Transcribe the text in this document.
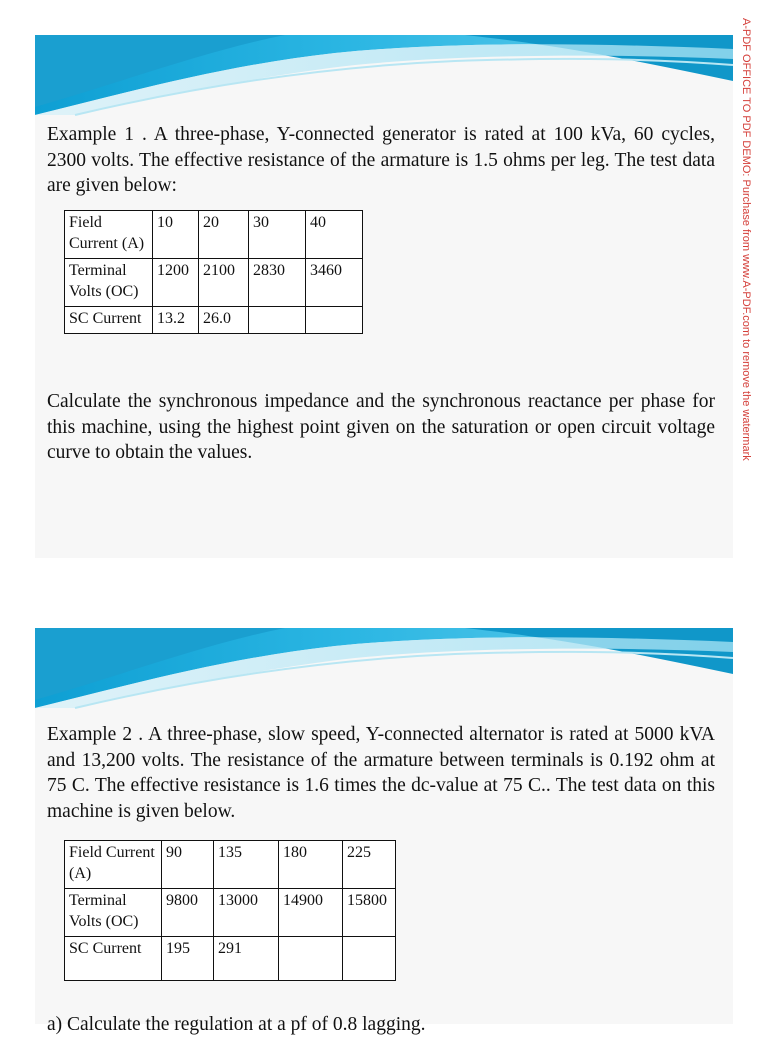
A-PDF OFFICE TO PDF DEMO: Purchase from www.A-PDF.com to remove the watermark

Example 1 . A three-phase, Y-connected generator is rated at 100 kVa, 60 cycles, 2300 volts. The effective resistance of the armature is 1.5 ohms per leg. The test data are given below:

Field Current (A)	10	20	30	40
Terminal Volts (OC)	1200	2100	2830	3460
SC Current	13.2	26.0		

Calculate the synchronous impedance and the synchronous reactance per phase for this machine, using the highest point given on the saturation or open circuit voltage curve to obtain the values.

Example 2 . A three-phase, slow speed, Y-connected alternator is rated at 5000 kVA and 13,200 volts. The resistance of the armature between terminals is 0.192 ohm at 75 C. The effective resistance is 1.6 times the dc-value at 75 C.. The test data on this machine is given below.

Field Current (A)	90	135	180	225
Terminal Volts (OC)	9800	13000	14900	15800
SC Current	195	291		

a) Calculate the regulation at a pf of 0.8 lagging.
